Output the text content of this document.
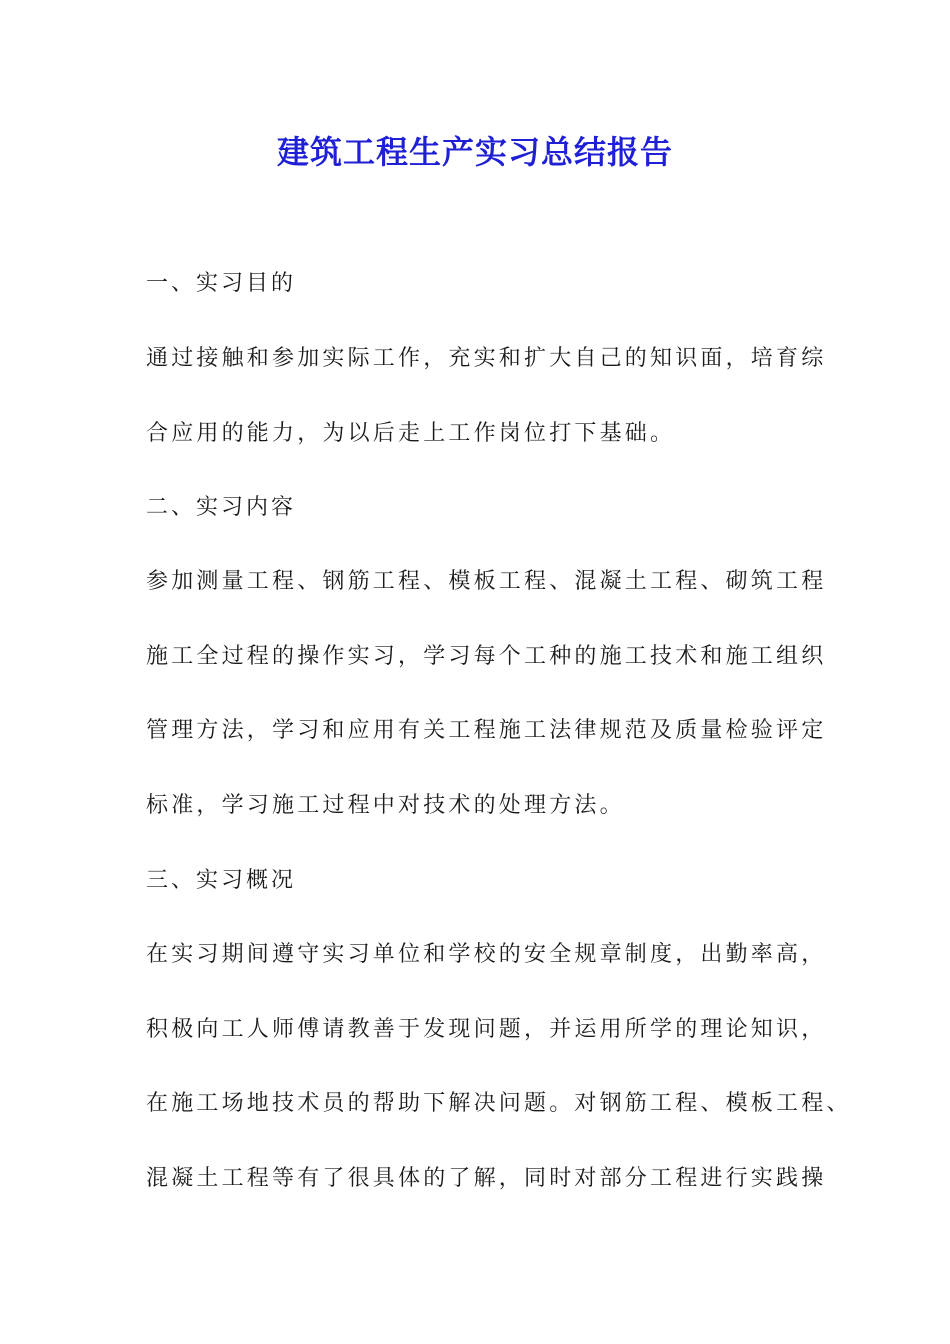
建筑工程生产实习总结报告

一、实习目的

通过接触和参加实际工作，充实和扩大自己的知识面，培育综

合应用的能力，为以后走上工作岗位打下基础。

二、实习内容

参加测量工程、钢筋工程、模板工程、混凝土工程、砌筑工程

施工全过程的操作实习，学习每个工种的施工技术和施工组织

管理方法，学习和应用有关工程施工法律规范及质量检验评定

标准，学习施工过程中对技术的处理方法。

三、实习概况

在实习期间遵守实习单位和学校的安全规章制度，出勤率高，

积极向工人师傅请教善于发现问题，并运用所学的理论知识，

在施工场地技术员的帮助下解决问题。对钢筋工程、模板工程、

混凝土工程等有了很具体的了解，同时对部分工程进行实践操
